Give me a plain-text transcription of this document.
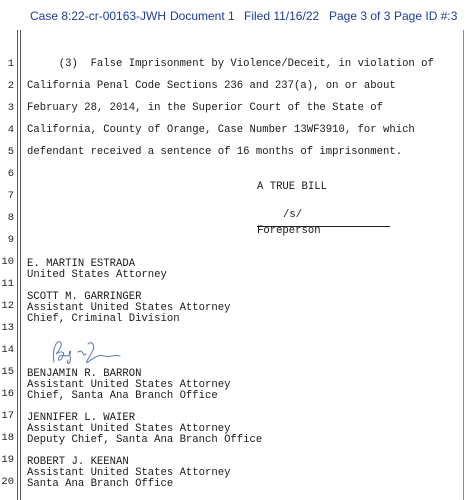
Case 8:22-cr-00163-JWH Document 1 Filed 11/16/22 Page 3 of 3 Page ID #:3
1
2
3
4
5
6
7
8
9
10
11
12
13
14
15
16
17
18
19
20
(3)  False Imprisonment by Violence/Deceit, in violation of
California Penal Code Sections 236 and 237(a), on or about
February 28, 2014, in the Superior Court of the State of
California, County of Orange, Case Number 13WF3910, for which
defendant received a sentence of 16 months of imprisonment.
A TRUE BILL
/s/
Foreperson
E. MARTIN ESTRADA
United States Attorney
SCOTT M. GARRINGER
Assistant United States Attorney
Chief, Criminal Division
BENJAMIN R. BARRON
Assistant United States Attorney
Chief, Santa Ana Branch Office
JENNIFER L. WAIER
Assistant United States Attorney
Deputy Chief, Santa Ana Branch Office
ROBERT J. KEENAN
Assistant United States Attorney
Santa Ana Branch Office
